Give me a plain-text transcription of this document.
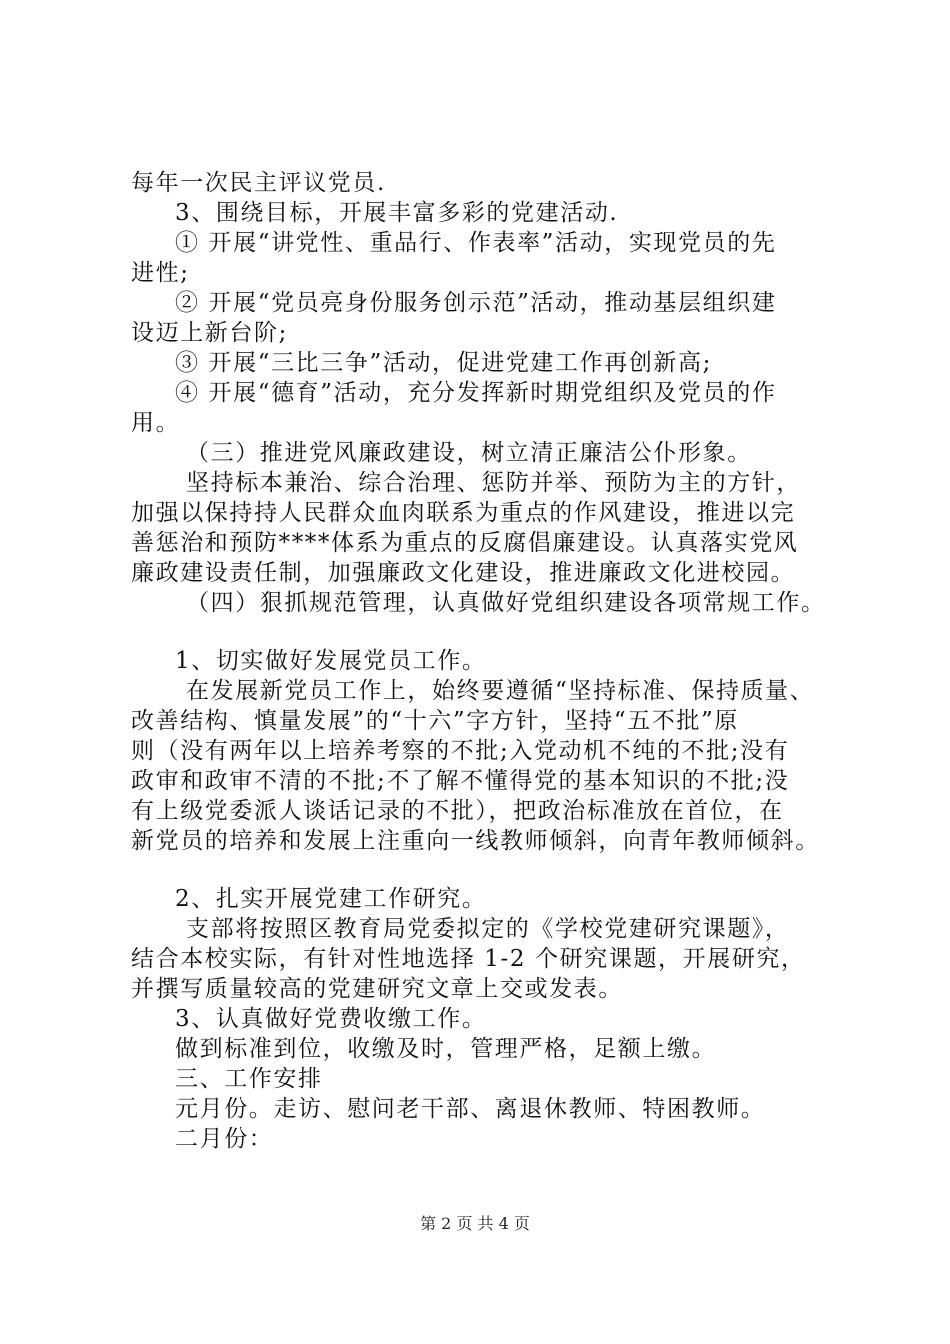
每年一次民主评议党员.
3、围绕目标，开展丰富多彩的党建活动.
① 开展“讲党性、重品行、作表率”活动，实现党员的先
进性;
② 开展“党员亮身份服务创示范”活动，推动基层组织建
设迈上新台阶;
③ 开展“三比三争”活动，促进党建工作再创新高;
④ 开展“德育”活动，充分发挥新时期党组织及党员的作
用。
（三）推进党风廉政建设，树立清正廉洁公仆形象。
坚持标本兼治、综合治理、惩防并举、预防为主的方针，
加强以保持持人民群众血肉联系为重点的作风建设，推进以完
善惩治和预防****体系为重点的反腐倡廉建设。认真落实党风
廉政建设责任制，加强廉政文化建设，推进廉政文化进校园。
（四）狠抓规范管理，认真做好党组织建设各项常规工作。
1、切实做好发展党员工作。
在发展新党员工作上，始终要遵循“坚持标准、保持质量、
改善结构、慎量发展”的“十六”字方针，坚持“五不批”原
则（没有两年以上培养考察的不批;入党动机不纯的不批;没有
政审和政审不清的不批;不了解不懂得党的基本知识的不批;没
有上级党委派人谈话记录的不批），把政治标准放在首位，在
新党员的培养和发展上注重向一线教师倾斜，向青年教师倾斜。
2、扎实开展党建工作研究。
支部将按照区教育局党委拟定的《学校党建研究课题》，
结合本校实际，有针对性地选择 1-2 个研究课题，开展研究，
并撰写质量较高的党建研究文章上交或发表。
3、认真做好党费收缴工作。
做到标准到位，收缴及时，管理严格，足额上缴。
三、工作安排
元月份。走访、慰问老干部、离退休教师、特困教师。
二月份：
第 2 页 共 4 页
